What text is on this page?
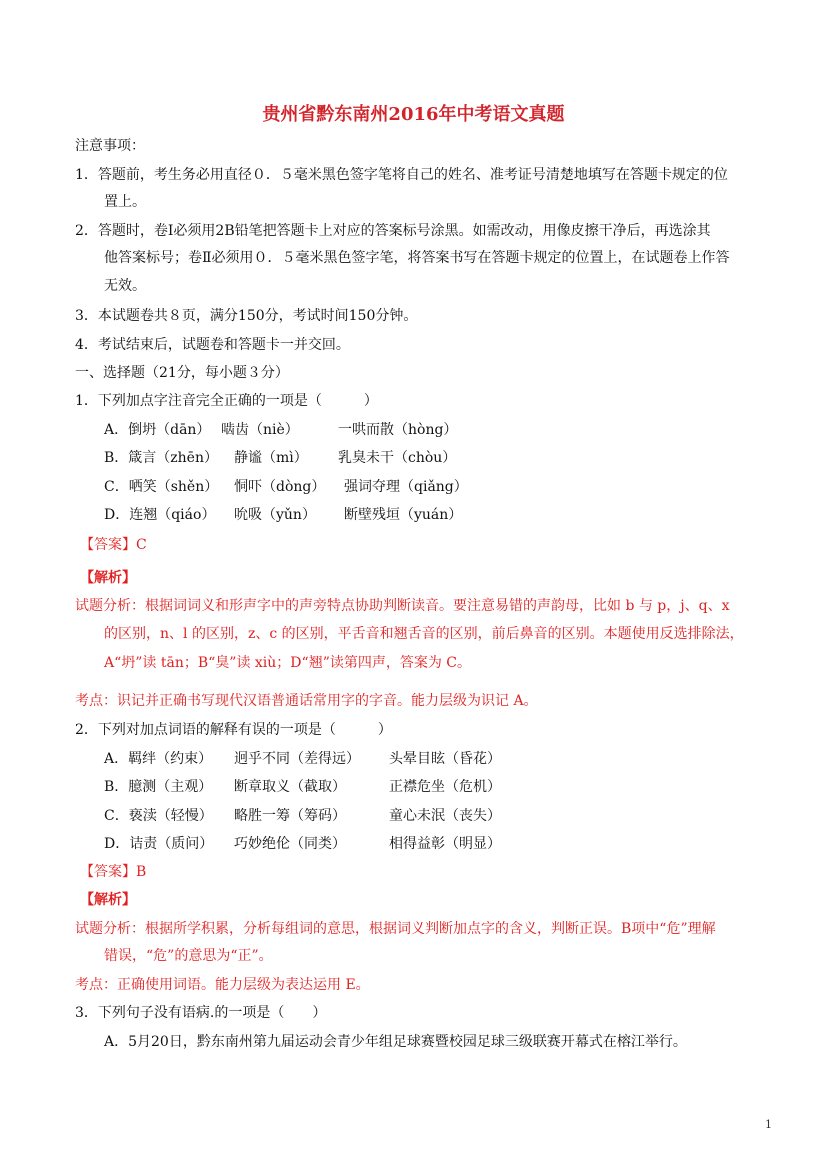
贵州省黔东南州2016年中考语文真题
注意事项：
1．答题前，考生务必用直径０．５毫米黑色签字笔将自己的姓名、准考证号清楚地填写在答题卡规定的位
置上。
2．答题时，卷Ⅰ必须用2B铅笔把答题卡上对应的答案标号涂黑。如需改动，用像皮擦干净后，再选涂其
他答案标号；卷Ⅱ必须用０．５毫米黑色签字笔，将答案书写在答题卡规定的位置上，在试题卷上作答
无效。
3．本试题卷共８页，满分150分，考试时间150分钟。
4．考试结束后，试题卷和答题卡一并交回。
一、选择题（21分，每小题３分）
1．下列加点字注音完全正确的一项是（　　　）
A．倒坍（dān） 啮齿（niè）	一哄而散（hòng）
B．箴言（zhēn） 静谧（mì） 乳臭未干（chòu）
C．哂笑（shěn） 恫吓（dòng） 强词夺理（qiǎng）
D．连翘（qiáo） 吮吸（yǔn） 断壁残垣（yuán）
【答案】C
【解析】
试题分析：根据词词义和形声字中的声旁特点协助判断读音。要注意易错的声韵母，比如 b 与 p，j、q、x
的区别，n、l 的区别，z、c 的区别，平舌音和翘舌音的区别，前后鼻音的区别。本题使用反选排除法，
A“坍”读 tān；B“臭”读 xiù；D“翘”读第四声，答案为 C。
考点：识记并正确书写现代汉语普通话常用字的字音。能力层级为识记 A。
2．下列对加点词语的解释有误的一项是（　　　）
A．羁绊（约束） 迥乎不同（差得远） 头晕目眩（昏花）
B．臆测（主观） 断章取义（截取）	正襟危坐（危机）
C．亵渎（轻慢） 略胜一筹（筹码）	童心未泯（丧失）
D．诘责（质问） 巧妙绝伦（同类）	相得益彰（明显）
【答案】B
【解析】
试题分析：根据所学积累，分析每组词的意思，根据词义判断加点字的含义，判断正误。B项中“危”理解
错误，“危”的意思为“正”。
考点：正确使用词语。能力层级为表达运用 E。
3．下列句子没有语病.的一项是（　　）
A．5月20日，黔东南州第九届运动会青少年组足球赛暨校园足球三级联赛开幕式在榕江举行。
1
